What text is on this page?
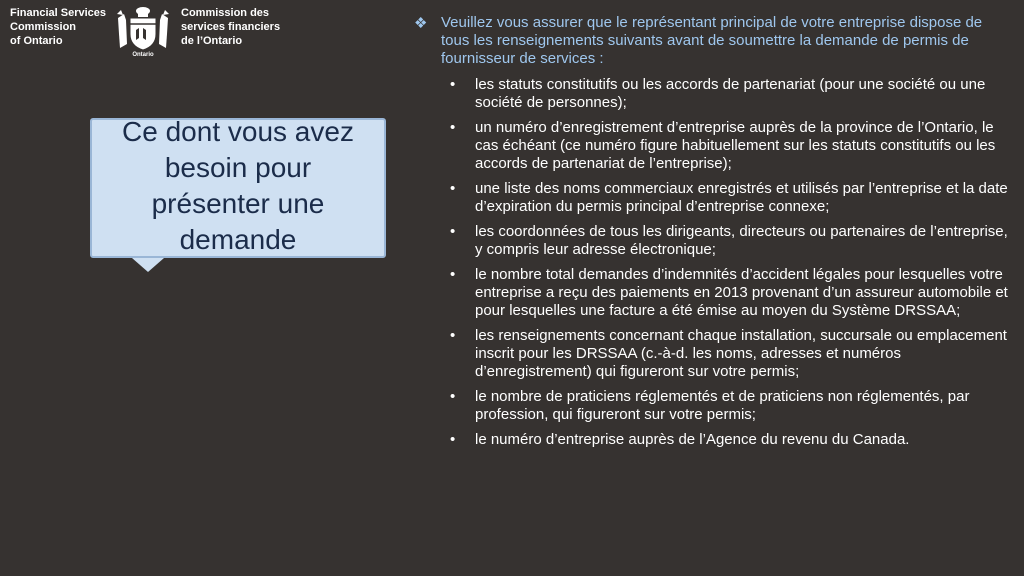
Financial Services
Commission
of Ontario
Ontario
Commission des
services financiers
de l’Ontario
Ce dont vous avez
besoin pour
présenter une
demande

❖ Veuillez vous assurer que le représentant principal de votre entreprise dispose de tous les renseignements suivants avant de soumettre la demande de permis de fournisseur de services :

• les statuts constitutifs ou les accords de partenariat (pour une société ou une société de personnes);
• un numéro d’enregistrement d’entreprise auprès de la province de l’Ontario, le cas échéant (ce numéro figure habituellement sur les statuts constitutifs ou les accords de partenariat de l’entreprise);
• une liste des noms commerciaux enregistrés et utilisés par l’entreprise et la date d’expiration du permis principal d’entreprise connexe;
• les coordonnées de tous les dirigeants, directeurs ou partenaires de l’entreprise, y compris leur adresse électronique;
• le nombre total demandes d’indemnités d’accident légales pour lesquelles votre entreprise a reçu des paiements en 2013 provenant d’un assureur automobile et pour lesquelles une facture a été émise au moyen du Système DRSSAA;
• les renseignements concernant chaque installation, succursale ou emplacement inscrit pour les DRSSAA (c.-à-d. les noms, adresses et numéros d’enregistrement) qui figureront sur votre permis;
• le nombre de praticiens réglementés et de praticiens non réglementés, par profession, qui figureront sur votre permis;
• le numéro d’entreprise auprès de l’Agence du revenu du Canada.
